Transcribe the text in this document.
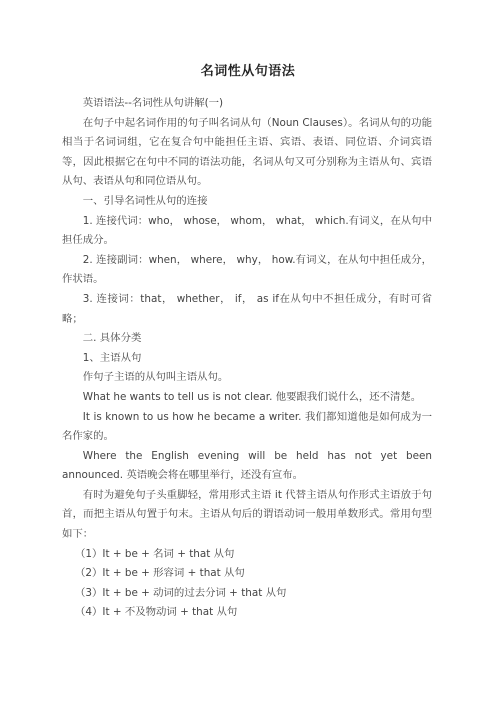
名词性从句语法

英语语法--名词性从句讲解(一)

在句子中起名词作用的句子叫名词从句（Noun Clauses）。名词从句的功能相当于名词词组，它在复合句中能担任主语、宾语、表语、同位语、介词宾语等，因此根据它在句中不同的语法功能，名词从句又可分别称为主语从句、宾语从句、表语从句和同位语从句。

一、引导名词性从句的连接

1. 连接代词：who， whose， whom， what， which.有词义，在从句中担任成分。

2. 连接副词：when， where， why， how.有词义，在从句中担任成分，作状语。

3. 连接词：that， whether， if， as if在从句中不担任成分，有时可省略；

二. 具体分类

1、主语从句

作句子主语的从句叫主语从句。

What he wants to tell us is not clear. 他要跟我们说什么，还不清楚。

It is known to us how he became a writer. 我们都知道他是如何成为一名作家的。

Where the English evening will be held has not yet been announced. 英语晚会将在哪里举行，还没有宣布。

有时为避免句子头重脚轻，常用形式主语 it 代替主语从句作形式主语放于句首，而把主语从句置于句末。主语从句后的谓语动词一般用单数形式。常用句型如下：

（1）It + be + 名词 + that 从句

（2）It + be + 形容词 + that 从句

（3）It + be + 动词的过去分词 + that 从句

（4）It + 不及物动词 + that 从句
